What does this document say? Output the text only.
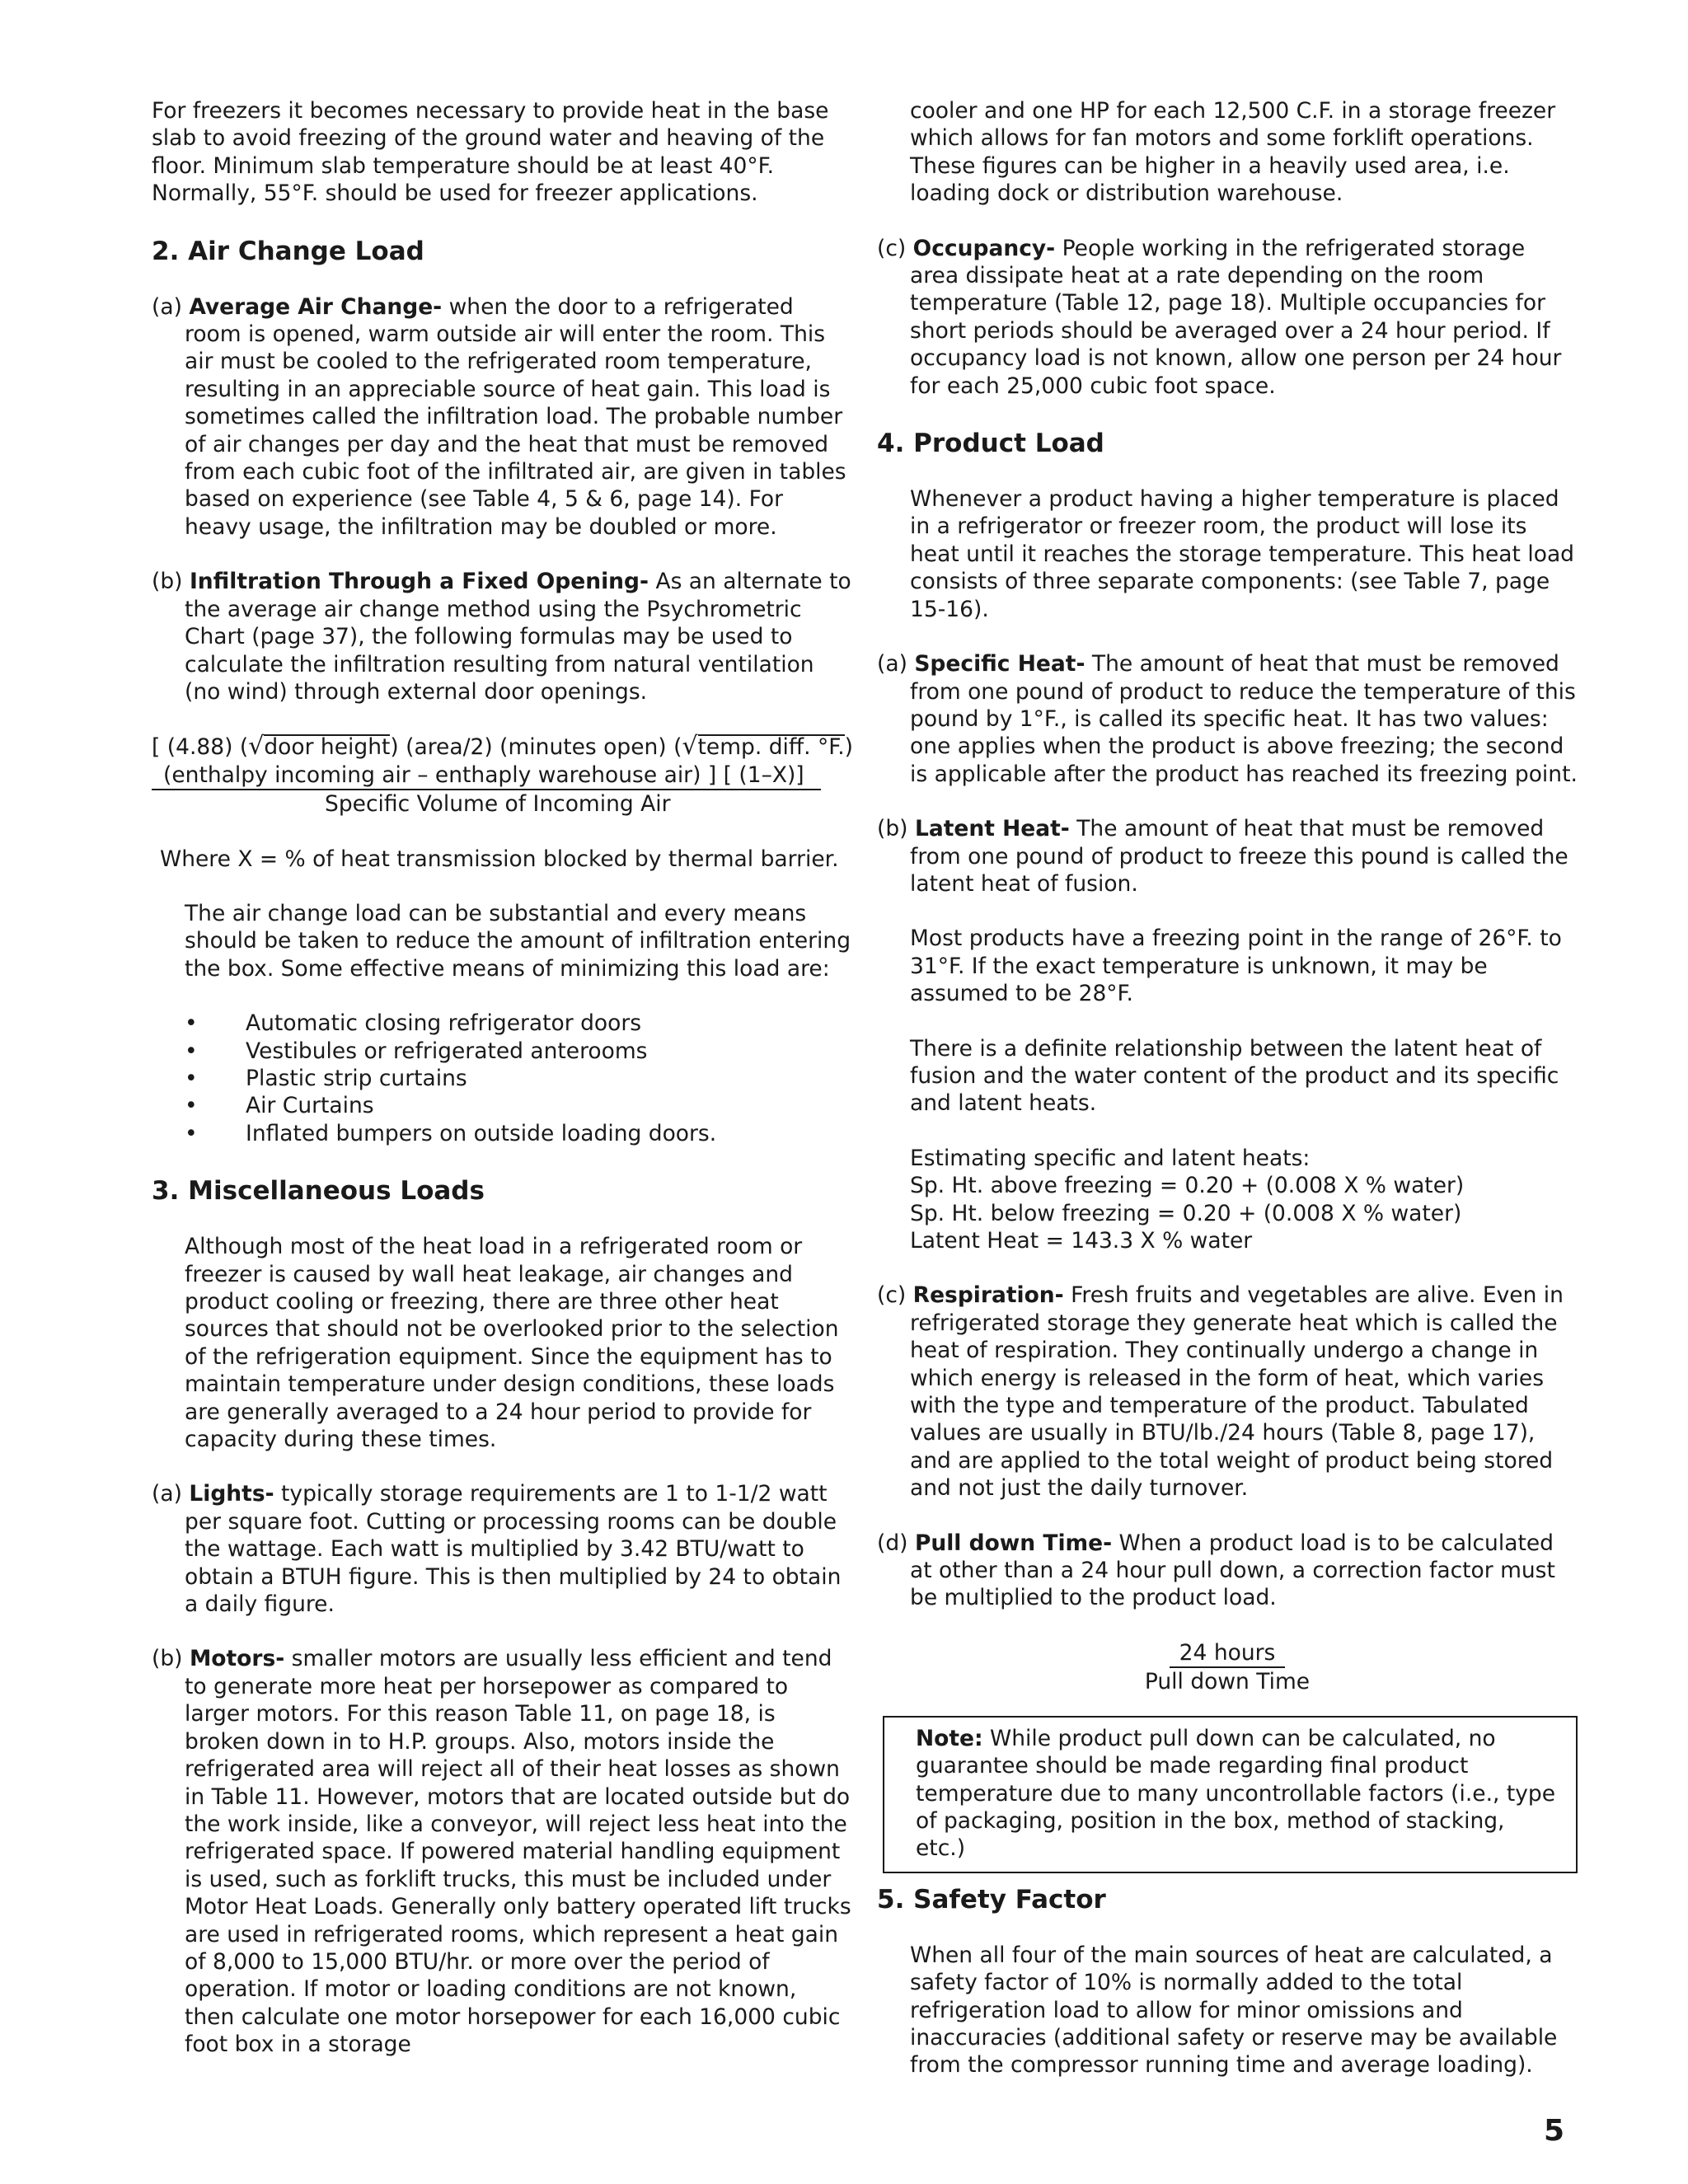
For freezers it becomes necessary to provide heat in the base slab to avoid freezing of the ground water and heaving of the floor. Minimum slab temperature should be at least 40°F. Normally, 55°F. should be used for freezer applications.

2. Air Change Load

(a) Average Air Change- when the door to a refrigerated room is opened, warm outside air will enter the room. This air must be cooled to the refrigerated room temperature, resulting in an appreciable source of heat gain. This load is sometimes called the infiltration load. The probable number of air changes per day and the heat that must be removed from each cubic foot of the infiltrated air, are given in tables based on experience (see Table 4, 5 & 6, page 14). For heavy usage, the infiltration may be doubled or more.

(b) Infiltration Through a Fixed Opening- As an alternate to the average air change method using the Psychrometric Chart (page 37), the following formulas may be used to calculate the infiltration resulting from natural ventilation (no wind) through external door openings.

[ (4.88) (√door height) (area/2) (minutes open) (√temp. diff. °F.)
(enthalpy incoming air – enthaply warehouse air) ] [ (1–X)]
Specific Volume of Incoming Air

Where X = % of heat transmission blocked by thermal barrier.

The air change load can be substantial and every means should be taken to reduce the amount of infiltration entering the box. Some effective means of minimizing this load are:

• Automatic closing refrigerator doors
• Vestibules or refrigerated anterooms
• Plastic strip curtains
• Air Curtains
• Inflated bumpers on outside loading doors.
3. Miscellaneous Loads

Although most of the heat load in a refrigerated room or freezer is caused by wall heat leakage, air changes and product cooling or freezing, there are three other heat sources that should not be overlooked prior to the selection of the refrigeration equipment. Since the equipment has to maintain temperature under design conditions, these loads are generally averaged to a 24 hour period to provide for capacity during these times.

(a) Lights- typically storage requirements are 1 to 1-1/2 watt per square foot. Cutting or processing rooms can be double the wattage. Each watt is multiplied by 3.42 BTU/watt to obtain a BTUH figure. This is then multiplied by 24 to obtain a daily figure.

(b) Motors- smaller motors are usually less efficient and tend to generate more heat per horsepower as compared to larger motors. For this reason Table 11, on page 18, is broken down in to H.P. groups. Also, motors inside the refrigerated area will reject all of their heat losses as shown in Table 11. However, motors that are located outside but do the work inside, like a conveyor, will reject less heat into the refrigerated space. If powered material handling equipment is used, such as forklift trucks, this must be included under Motor Heat Loads. Generally only battery operated lift trucks are used in refrigerated rooms, which represent a heat gain of 8,000 to 15,000 BTU/hr. or more over the period of operation. If motor or loading conditions are not known, then calculate one motor horsepower for each 16,000 cubic foot box in a storage

cooler and one HP for each 12,500 C.F. in a storage freezer which allows for fan motors and some forklift operations. These figures can be higher in a heavily used area, i.e. loading dock or distribution warehouse.

(c) Occupancy- People working in the refrigerated storage area dissipate heat at a rate depending on the room temperature (Table 12, page 18). Multiple occupancies for short periods should be averaged over a 24 hour period. If occupancy load is not known, allow one person per 24 hour for each 25,000 cubic foot space.

4. Product Load

Whenever a product having a higher temperature is placed in a refrigerator or freezer room, the product will lose its heat until it reaches the storage temperature. This heat load consists of three separate components: (see Table 7, page 15-16).

(a) Specific Heat- The amount of heat that must be removed from one pound of product to reduce the temperature of this pound by 1°F., is called its specific heat. It has two values: one applies when the product is above freezing; the second is applicable after the product has reached its freezing point.

(b) Latent Heat- The amount of heat that must be removed from one pound of product to freeze this pound is called the latent heat of fusion.

Most products have a freezing point in the range of 26°F. to 31°F. If the exact temperature is unknown, it may be assumed to be 28°F.

There is a definite relationship between the latent heat of fusion and the water content of the product and its specific and latent heats.

Estimating specific and latent heats:
Sp. Ht. above freezing = 0.20 + (0.008 X % water)
Sp. Ht. below freezing = 0.20 + (0.008 X % water)
Latent Heat = 143.3 X % water

(c) Respiration- Fresh fruits and vegetables are alive. Even in refrigerated storage they generate heat which is called the heat of respiration. They continually undergo a change in which energy is released in the form of heat, which varies with the type and temperature of the product. Tabulated values are usually in BTU/lb./24 hours (Table 8, page 17), and are applied to the total weight of product being stored and not just the daily turnover.

(d) Pull down Time- When a product load is to be calculated at other than a 24 hour pull down, a correction factor must be multiplied to the product load.

24 hours
Pull down Time
Note: While product pull down can be calculated, no guarantee should be made regarding final product temperature due to many uncontrollable factors (i.e., type of packaging, position in the box, method of stacking, etc.)
5. Safety Factor

When all four of the main sources of heat are calculated, a safety factor of 10% is normally added to the total refrigeration load to allow for minor omissions and inaccuracies (additional safety or reserve may be available from the compressor running time and average loading).

5
